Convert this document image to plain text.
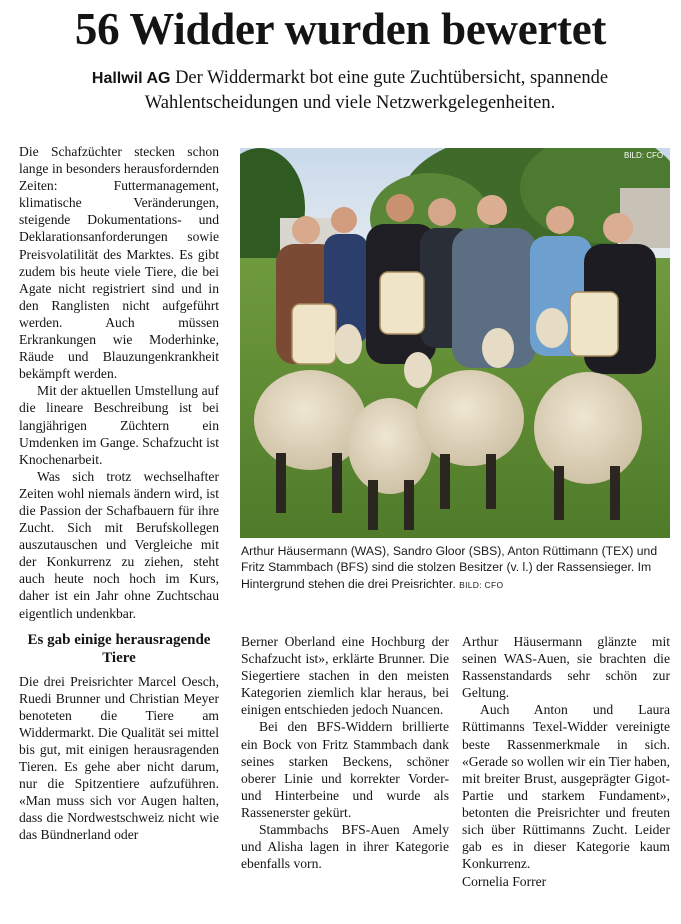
56 Widder wurden bewertet
Hallwil AG Der Widdermarkt bot eine gute Zuchtübersicht, spannende Wahlentscheidungen und viele Netzwerkgelegenheiten.

Die Schafzüchter stecken schon lange in besonders herausfordernden Zeiten: Futtermanagement, klimatische Veränderungen, steigende Dokumentations- und Deklarationsanforderungen sowie Preisvolatilität des Marktes. Es gibt zudem bis heute viele Tiere, die bei Agate nicht registriert sind und in den Ranglisten nicht aufgeführt werden. Auch müssen Erkrankungen wie Moderhinke, Räude und Blauzungenkrankheit bekämpft werden.

Mit der aktuellen Umstellung auf die lineare Beschreibung ist bei langjährigen Züchtern ein Umdenken im Gange. Schafzucht ist Knochenarbeit.

Was sich trotz wechselhafter Zeiten wohl niemals ändern wird, ist die Passion der Schafbauern für ihre Zucht. Sich mit Berufskollegen auszutauschen und Vergleiche mit der Konkurrenz zu ziehen, steht auch heute noch hoch im Kurs, daher ist ein Jahr ohne Zuchtschau eigentlich undenkbar.

Es gab einige herausragende Tiere

Die drei Preisrichter Marcel Oesch, Ruedi Brunner und Christian Meyer benoteten die Tiere am Widdermarkt. Die Qualität sei mittel bis gut, mit einigen herausragenden Tieren. Es gehe aber nicht darum, nur die Spitzentiere aufzuführen. «Man muss sich vor Augen halten, dass die Nordwestschweiz nicht wie das Bündnerland oder

BILD: CFO
Arthur Häusermann (WAS), Sandro Gloor (SBS), Anton Rüttimann (TEX) und Fritz Stammbach (BFS) sind die stolzen Besitzer (v. l.) der Rassensieger. Im Hintergrund stehen die drei Preisrichter. BILD: CFO

Berner Oberland eine Hochburg der Schafzucht ist», erklärte Brunner. Die Siegertiere stachen in den meisten Kategorien ziemlich klar heraus, bei einigen entschieden jedoch Nuancen.

Bei den BFS-Widdern brillierte ein Bock von Fritz Stammbach dank seines starken Beckens, schöner oberer Linie und korrekter Vorder- und Hinterbeine und wurde als Rassenerster gekürt.

Stammbachs BFS-Auen Amely und Alisha lagen in ihrer Kategorie ebenfalls vorn.

Arthur Häusermann glänzte mit seinen WAS-Auen, sie brachten die Rassenstandards sehr schön zur Geltung.

Auch Anton und Laura Rüttimanns Texel-Widder vereinigte beste Rassenmerkmale in sich. «Gerade so wollen wir ein Tier haben, mit breiter Brust, ausgeprägter Gigot-Partie und starkem Fundament», betonten die Preisrichter und freuten sich über Rüttimanns Zucht. Leider gab es in dieser Kategorie kaum Konkurrenz.

Cornelia Forrer
